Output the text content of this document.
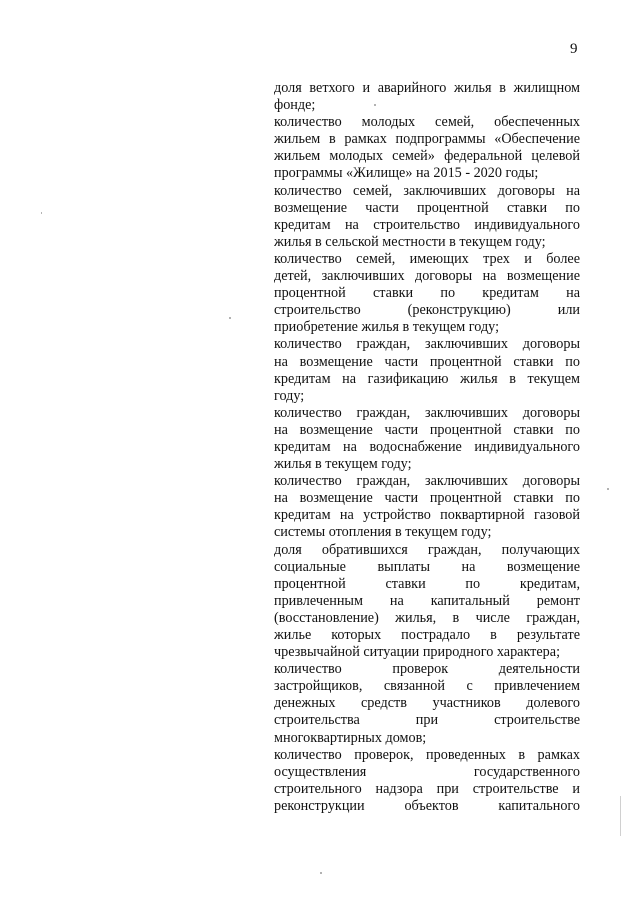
9
доля ветхого и аварийного жилья в жилищном
фонде;
количество молодых семей, обеспеченных
жильем в рамках подпрограммы «Обеспечение
жильем молодых семей» федеральной целевой
программы «Жилище» на 2015 - 2020 годы;
количество семей, заключивших договоры на
возмещение части процентной ставки по
кредитам на строительство индивидуального
жилья в сельской местности в текущем году;
количество семей, имеющих трех и более
детей, заключивших договоры на возмещение
процентной ставки по кредитам на
строительство (реконструкцию) или
приобретение жилья в текущем году;
количество граждан, заключивших договоры
на возмещение части процентной ставки по
кредитам на газификацию жилья в текущем
году;
количество граждан, заключивших договоры
на возмещение части процентной ставки по
кредитам на водоснабжение индивидуального
жилья в текущем году;
количество граждан, заключивших договоры
на возмещение части процентной ставки по
кредитам на устройство поквартирной газовой
системы отопления в текущем году;
доля обратившихся граждан, получающих
социальные выплаты на возмещение
процентной ставки по кредитам,
привлеченным на капитальный ремонт
(восстановление) жилья, в числе граждан,
жилье которых пострадало в результате
чрезвычайной ситуации природного характера;
количество проверок деятельности
застройщиков, связанной с привлечением
денежных средств участников долевого
строительства при строительстве
многоквартирных домов;
количество проверок, проведенных в рамках
осуществления государственного
строительного надзора при строительстве и
реконструкции объектов капитального
